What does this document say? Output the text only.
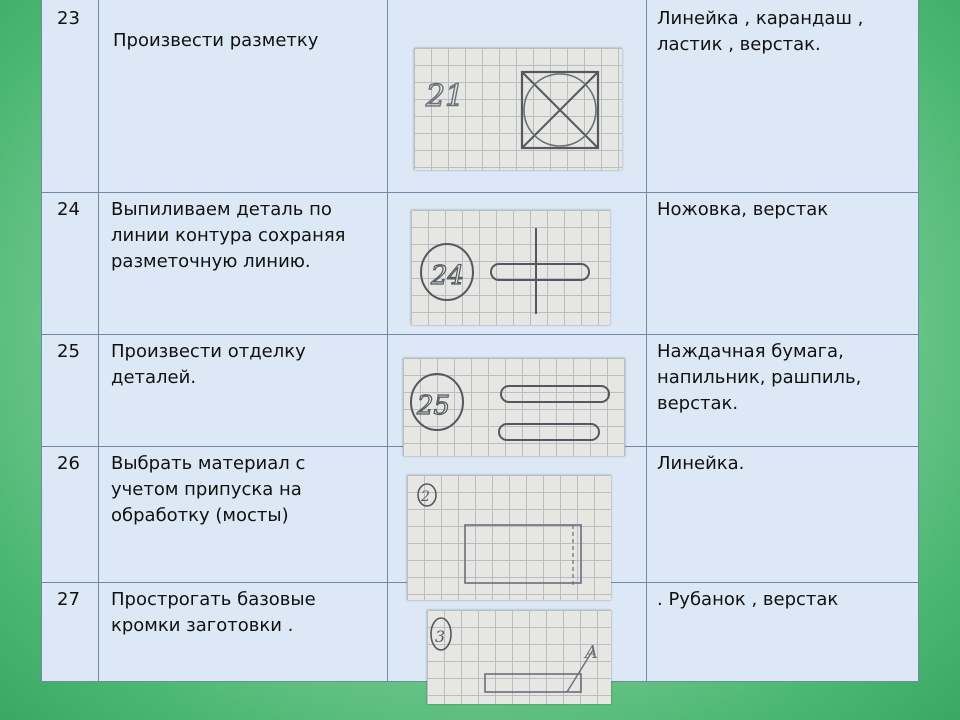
23
Произвести разметку
Линейка , карандаш ,
ластик , верстак.
24 Выпиливаем деталь по
линии контура сохраняя
разметочную линию.
Ножовка, верстак
25 Произвести отделку
деталей.
Наждачная бумага,
напильник, рашпиль,
верстак.
26 Выбрать материал с
учетом припуска на
обработку (мосты)
Линейка.
27 Прострогать базовые
кромки заготовки .
. Рубанок , верстак
21
24
25
2
3
A
